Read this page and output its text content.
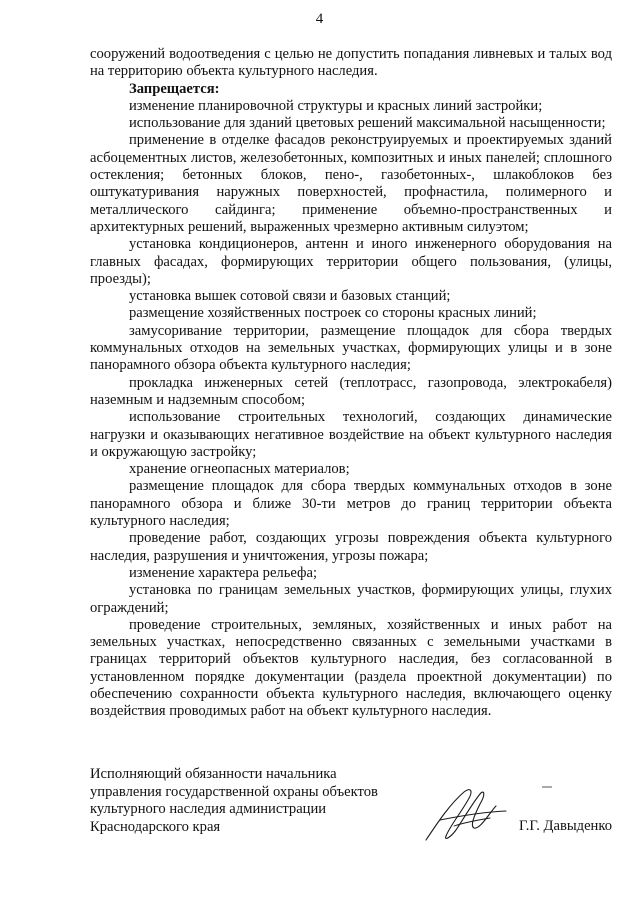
4

сооружений водоотведения с целью не допустить попадания ливневых и талых вод на территорию объекта культурного наследия.

Запрещается:

изменение планировочной структуры и красных линий застройки;

использование для зданий цветовых решений максимальной насыщенности;

применение в отделке фасадов реконструируемых и проектируемых зданий асбоцементных листов, железобетонных, композитных и иных панелей; сплошного остекления; бетонных блоков, пено-, газобетонных-, шлакоблоков без оштукатуривания наружных поверхностей, профнастила, полимерного и металлического сайдинга; применение объемно-пространственных и архитектурных решений, выраженных чрезмерно активным силуэтом;

установка кондиционеров, антенн и иного инженерного оборудования на главных фасадах, формирующих территории общего пользования, (улицы, проезды);

установка вышек сотовой связи и базовых станций;

размещение хозяйственных построек со стороны красных линий;

замусоривание территории, размещение площадок для сбора твердых коммунальных отходов на земельных участках, формирующих улицы и в зоне панорамного обзора объекта культурного наследия;

прокладка инженерных сетей (теплотрасс, газопровода, электрокабеля) наземным и надземным способом;

использование строительных технологий, создающих динамические нагрузки и оказывающих негативное воздействие на объект культурного наследия и окружающую застройку;

хранение огнеопасных материалов;

размещение площадок для сбора твердых коммунальных отходов в зоне панорамного обзора и ближе 30-ти метров до границ территории объекта культурного наследия;

проведение работ, создающих угрозы повреждения объекта культурного наследия, разрушения и уничтожения, угрозы пожара;

изменение характера рельефа;

установка по границам земельных участков, формирующих улицы, глухих ограждений;

проведение строительных, земляных, хозяйственных и иных работ на земельных участках, непосредственно связанных с земельными участками в границах территорий объектов культурного наследия, без согласованной в установленном порядке документации (раздела проектной документации) по обеспечению сохранности объекта культурного наследия, включающего оценку воздействия проводимых работ на объект культурного наследия.

Исполняющий обязанности начальника
управления государственной охраны объектов
культурного наследия администрации
Краснодарского края	Г.Г. Давыденко
